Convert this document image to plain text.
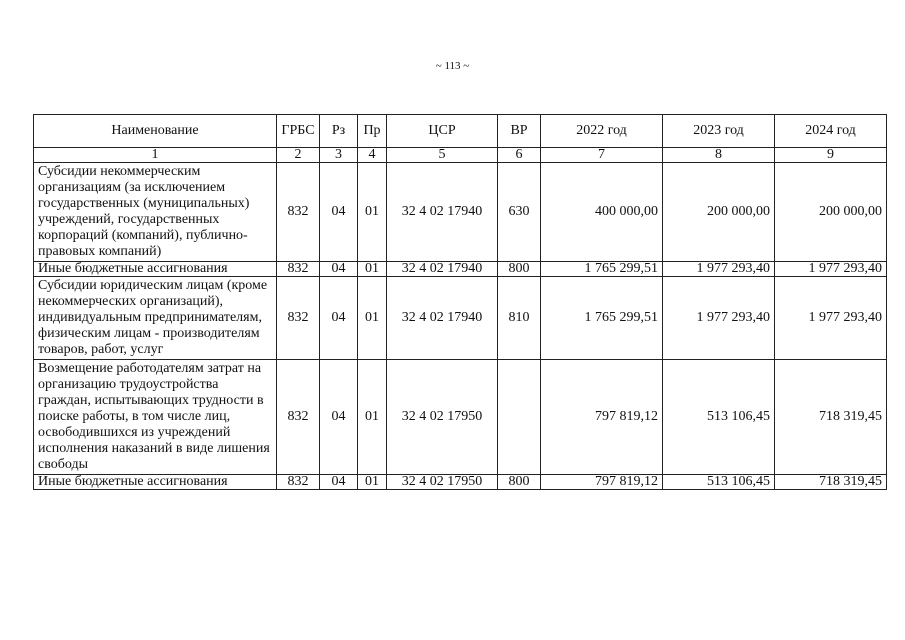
~ 113 ~
Наименование	ГРБС	Рз	Пр	ЦСР	ВР	2022 год	2023 год	2024 год
1	2	3	4	5	6	7	8	9
Субсидии некоммерческим организациям (за исключением государственных (муниципальных) учреждений, государственных корпораций (компаний), публично-правовых компаний)	832	04	01	32 4 02 17940	630	400 000,00	200 000,00	200 000,00
Иные бюджетные ассигнования	832	04	01	32 4 02 17940	800	1 765 299,51	1 977 293,40	1 977 293,40
Субсидии юридическим лицам (кроме некоммерческих организаций), индивидуальным предпринимателям, физическим лицам - производителям товаров, работ, услуг	832	04	01	32 4 02 17940	810	1 765 299,51	1 977 293,40	1 977 293,40
Возмещение работодателям затрат на организацию трудоустройства граждан, испытывающих трудности в поиске работы, в том числе лиц, освободившихся из учреждений исполнения наказаний в виде лишения свободы	832	04	01	32 4 02 17950		797 819,12	513 106,45	718 319,45
Иные бюджетные ассигнования	832	04	01	32 4 02 17950	800	797 819,12	513 106,45	718 319,45
